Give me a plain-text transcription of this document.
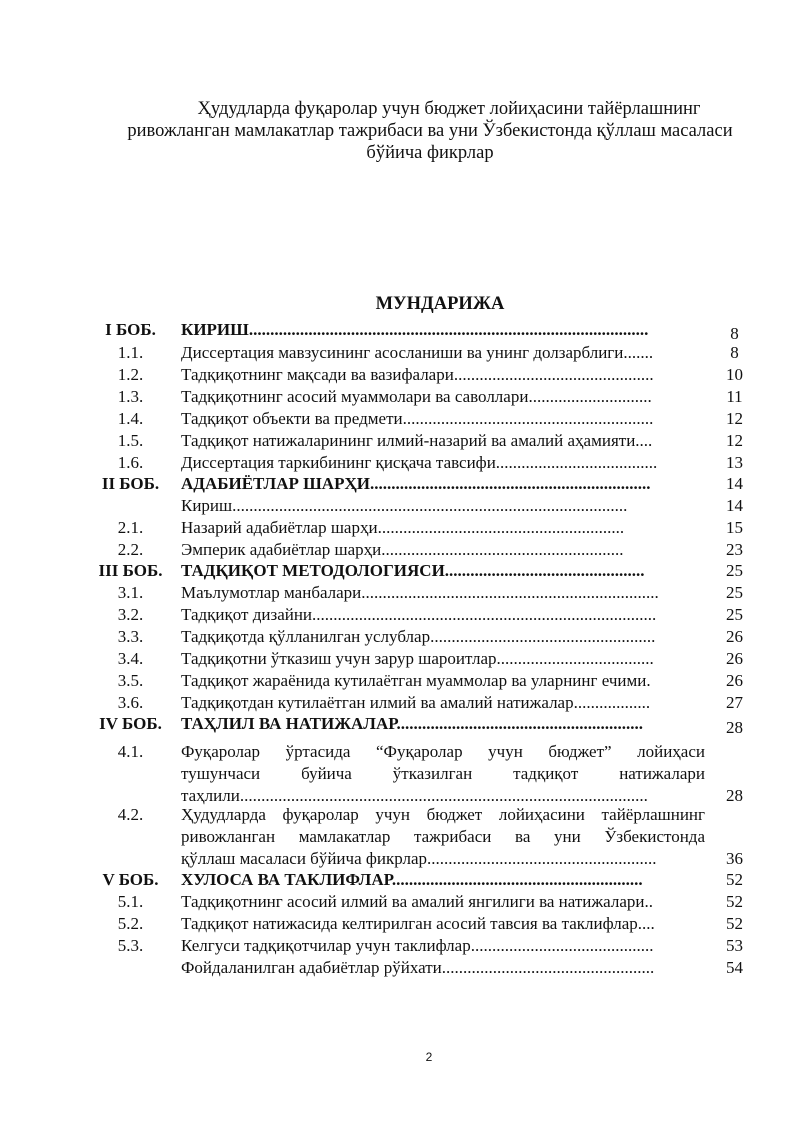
Ҳудудларда фуқаролар учун бюджет лойиҳасини тайёрлашнинг
ривожланган мамлакатлар тажрибаси ва уни Ўзбекистонда қўллаш масаласи
бўйича фикрлар
МУНДАРИЖА
I БОБ.	КИРИШ..............................................................................................	8
1.1.	Диссертация мавзусининг асосланиши ва унинг долзарблиги.......	8
1.2.	Тадқиқотнинг мақсади ва вазифалари...............................................	10
1.3.	Тадқиқотнинг асосий муаммолари ва саволлари.............................	11
1.4.	Тадқиқот объекти ва предмети...........................................................	12
1.5.	Тадқиқот натижаларининг илмий-назарий ва амалий аҳамияти....	12
1.6.	Диссертация таркибининг қисқача тавсифи......................................	13
II БОБ.	АДАБИЁТЛАР ШАРҲИ..................................................................	14
Кириш.............................................................................................	14
2.1.	Назарий адабиётлар шарҳи..........................................................	15
2.2.	Эмперик адабиётлар шарҳи.........................................................	23
III БОБ.	ТАДҚИҚОТ МЕТОДОЛОГИЯСИ...............................................	25
3.1.	Маълумотлар манбалари......................................................................	25
3.2.	Тадқиқот дизайни.................................................................................	25
3.3.	Тадқиқотда қўлланилган услублар.....................................................	26
3.4.	Тадқиқотни ўтказиш учун зарур шароитлар.....................................	26
3.5.	Тадқиқот жараёнида кутилаётган муаммолар ва уларнинг ечими.	26
3.6.	Тадқиқотдан кутилаётган илмий ва амалий натижалар..................	27
IV БОБ.	ТАҲЛИЛ ВА НАТИЖАЛАР..........................................................	28
4.1.	Фуқаролар ўртасида “Фуқаролар учун бюджет” лойиҳаси
тушунчаси буйича ўтказилган тадқиқот натижалари
таҳлили................................................................................................	28
4.2.	Ҳудудларда фуқаролар учун бюджет лойиҳасини тайёрлашнинг
ривожланган мамлакатлар тажрибаси ва уни Ўзбекистонда
қўллаш масаласи бўйича фикрлар......................................................	36
V БОБ.	ХУЛОСА ВА ТАКЛИФЛАР...........................................................	52
5.1.	Тадқиқотнинг асосий илмий ва амалий янгилиги ва натижалари..	52
5.2.	Тадқиқот натижасида келтирилган асосий тавсия ва таклифлар....	52
5.3.	Келгуси тадқиқотчилар учун таклифлар...........................................	53
Фойдаланилган адабиётлар рўйхати..................................................	54
2
